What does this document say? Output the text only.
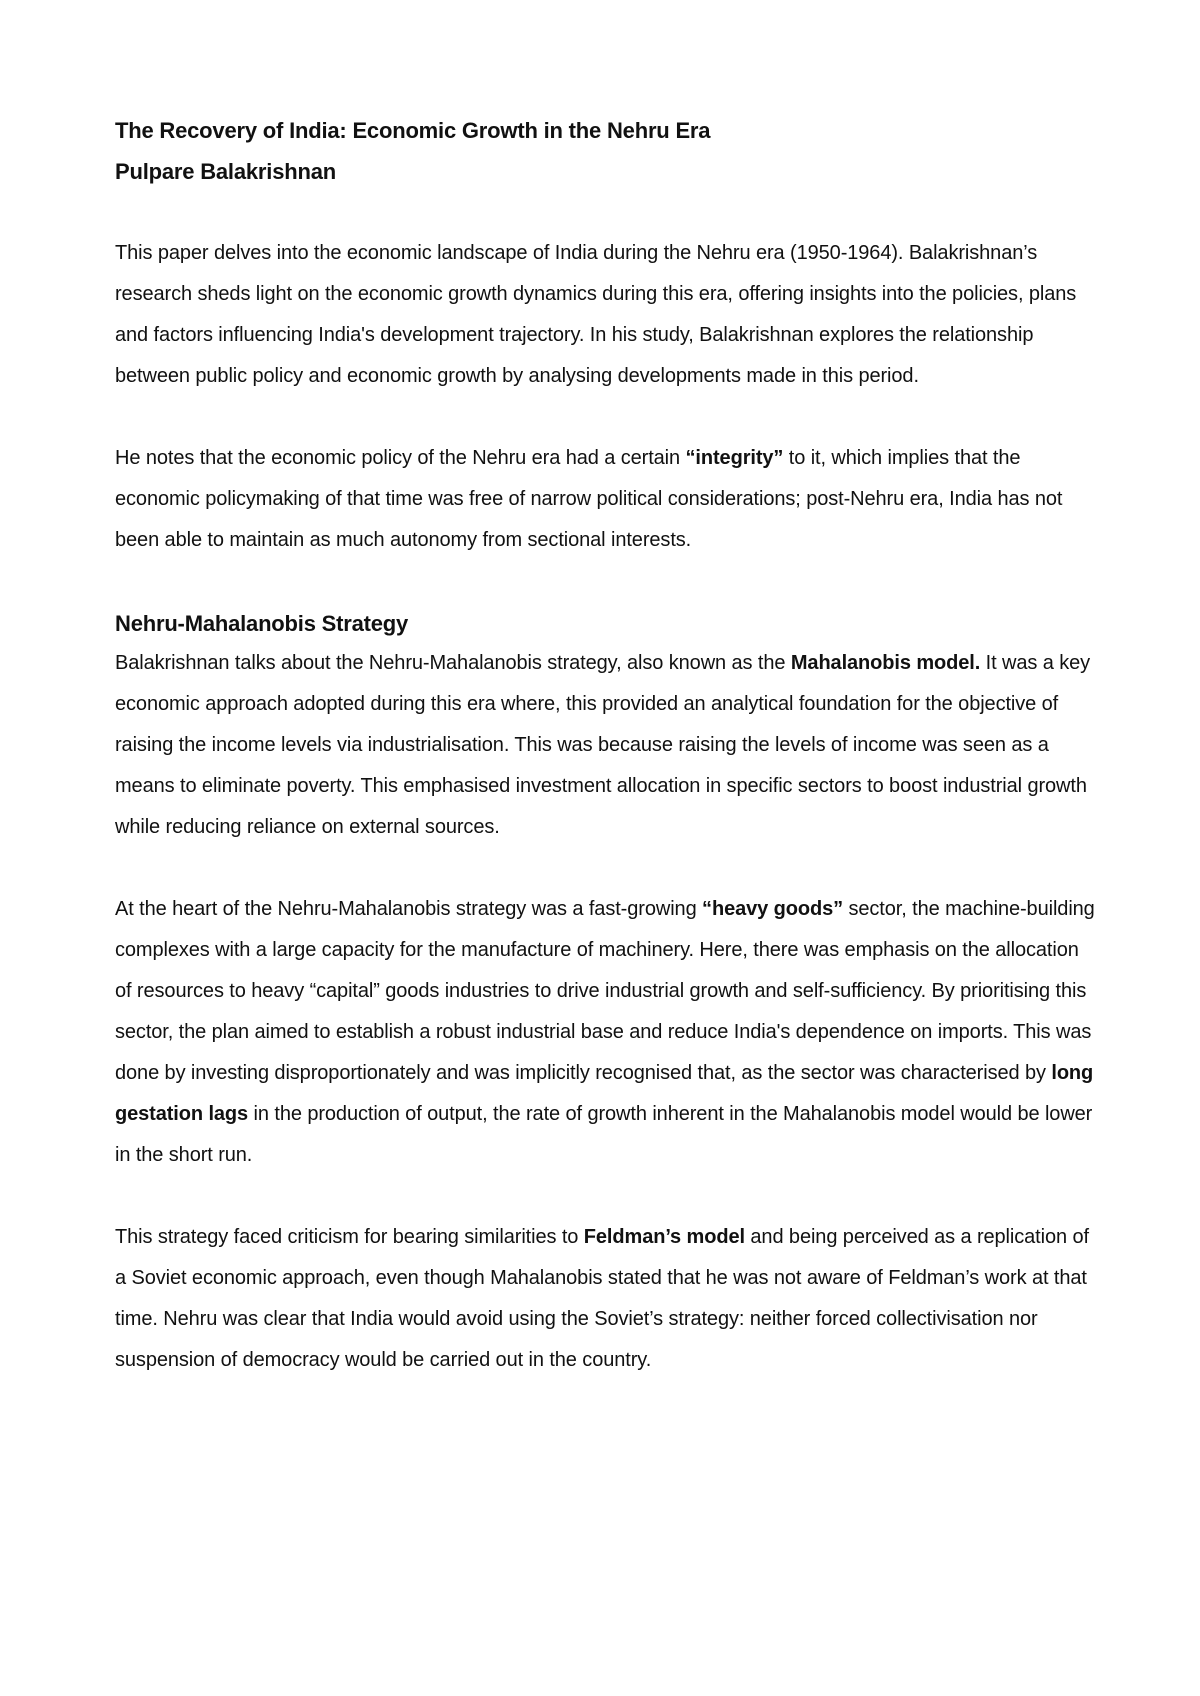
The Recovery of India: Economic Growth in the Nehru Era

Pulpare Balakrishnan

This paper delves into the economic landscape of India during the Nehru era (1950-1964). Balakrishnan’s research sheds light on the economic growth dynamics during this era, offering insights into the policies, plans and factors influencing India's development trajectory. In his study, Balakrishnan explores the relationship between public policy and economic growth by analysing developments made in this period.

He notes that the economic policy of the Nehru era had a certain “integrity” to it, which implies that the economic policymaking of that time was free of narrow political considerations; post-Nehru era, India has not been able to maintain as much autonomy from sectional interests.

Nehru-Mahalanobis Strategy

Balakrishnan talks about the Nehru-Mahalanobis strategy, also known as the Mahalanobis model. It was a key economic approach adopted during this era where, this provided an analytical foundation for the objective of raising the income levels via industrialisation. This was because raising the levels of income was seen as a means to eliminate poverty. This emphasised investment allocation in specific sectors to boost industrial growth while reducing reliance on external sources.

At the heart of the Nehru-Mahalanobis strategy was a fast-growing “heavy goods” sector, the machine-building complexes with a large capacity for the manufacture of machinery. Here, there was emphasis on the allocation of resources to heavy “capital” goods industries to drive industrial growth and self-sufficiency. By prioritising this sector, the plan aimed to establish a robust industrial base and reduce India's dependence on imports. This was done by investing disproportionately and was implicitly recognised that, as the sector was characterised by long gestation lags in the production of output, the rate of growth inherent in the Mahalanobis model would be lower in the short run.

This strategy faced criticism for bearing similarities to Feldman’s model and being perceived as a replication of a Soviet economic approach, even though Mahalanobis stated that he was not aware of Feldman’s work at that time. Nehru was clear that India would avoid using the Soviet’s strategy: neither forced collectivisation nor suspension of democracy would be carried out in the country.
